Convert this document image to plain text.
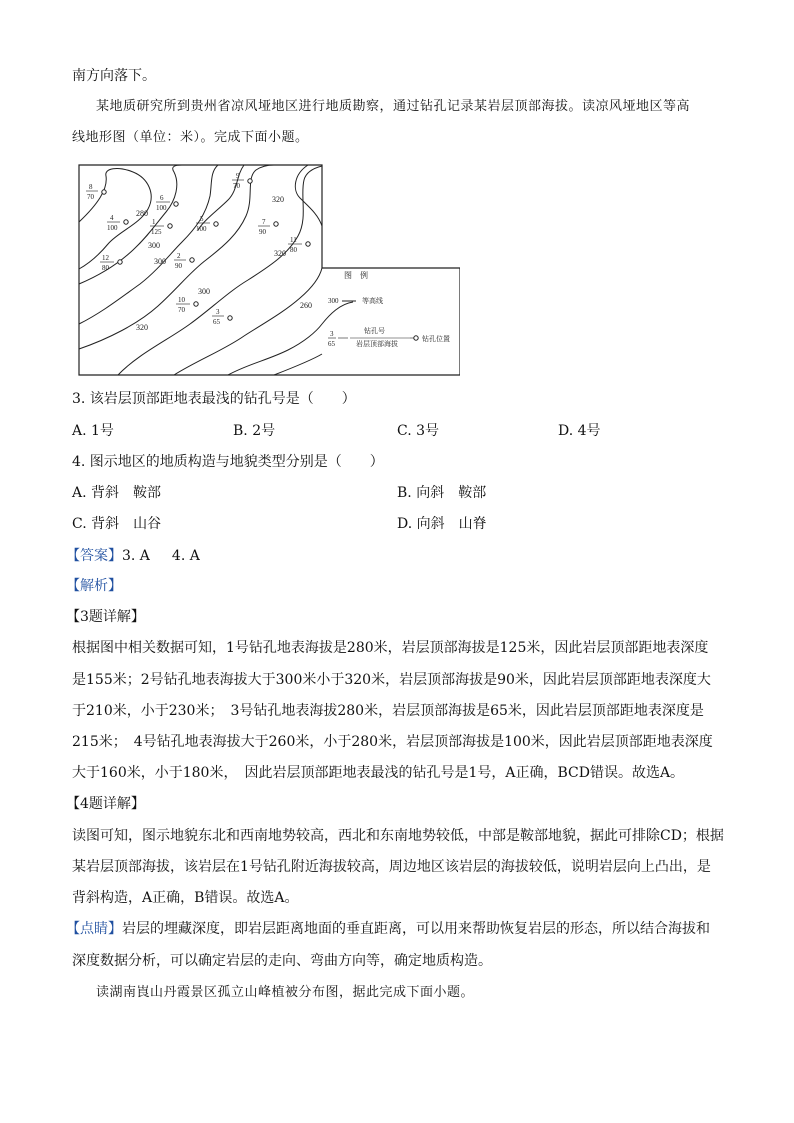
南方向落下。
某地质研究所到贵州省凉风垭地区进行地质勘察，通过钻孔记录某岩层顶部海拔。读凉风垭地区等高
线地形图（单位：米）。完成下面小题。
280
300
320
300
300
320
260
320
1
125
2
90
3
65
4
100
5
100
6
100
7
90
8
70
9
70
10
70
11
80
12
80
图　例
300	等高线
3
65
钻孔号
岩层顶部海拔
钻孔位置
3. 该岩层顶部距地表最浅的钻孔号是（　　）
A. 1号	B. 2号	C. 3号	D. 4号
4. 图示地区的地质构造与地貌类型分别是（　　）
A. 背斜　鞍部	B. 向斜　鞍部
C. 背斜　山谷	D. 向斜　山脊
【答案】3. A 4. A
【解析】
【3题详解】
根据图中相关数据可知，1号钻孔地表海拔是280米，岩层顶部海拔是125米，因此岩层顶部距地表深度
是155米；2号钻孔地表海拔大于300米小于320米，岩层顶部海拔是90米，因此岩层顶部距地表深度大
于210米，小于230米；　3号钻孔地表海拔280米，岩层顶部海拔是65米，因此岩层顶部距地表深度是
215米；　4号钻孔地表海拔大于260米，小于280米，岩层顶部海拔是100米，因此岩层顶部距地表深度
大于160米，小于180米，　因此岩层顶部距地表最浅的钻孔号是1号，A正确，BCD错误。故选A。
【4题详解】
读图可知，图示地貌东北和西南地势较高，西北和东南地势较低，中部是鞍部地貌，据此可排除CD；根据
某岩层顶部海拔，该岩层在1号钻孔附近海拔较高，周边地区该岩层的海拔较低，说明岩层向上凸出，是
背斜构造，A正确，B错误。故选A。
【点睛】岩层的埋藏深度，即岩层距离地面的垂直距离，可以用来帮助恢复岩层的形态，所以结合海拔和
深度数据分析，可以确定岩层的走向、弯曲方向等，确定地质构造。
读湖南崀山丹霞景区孤立山峰植被分布图，据此完成下面小题。
